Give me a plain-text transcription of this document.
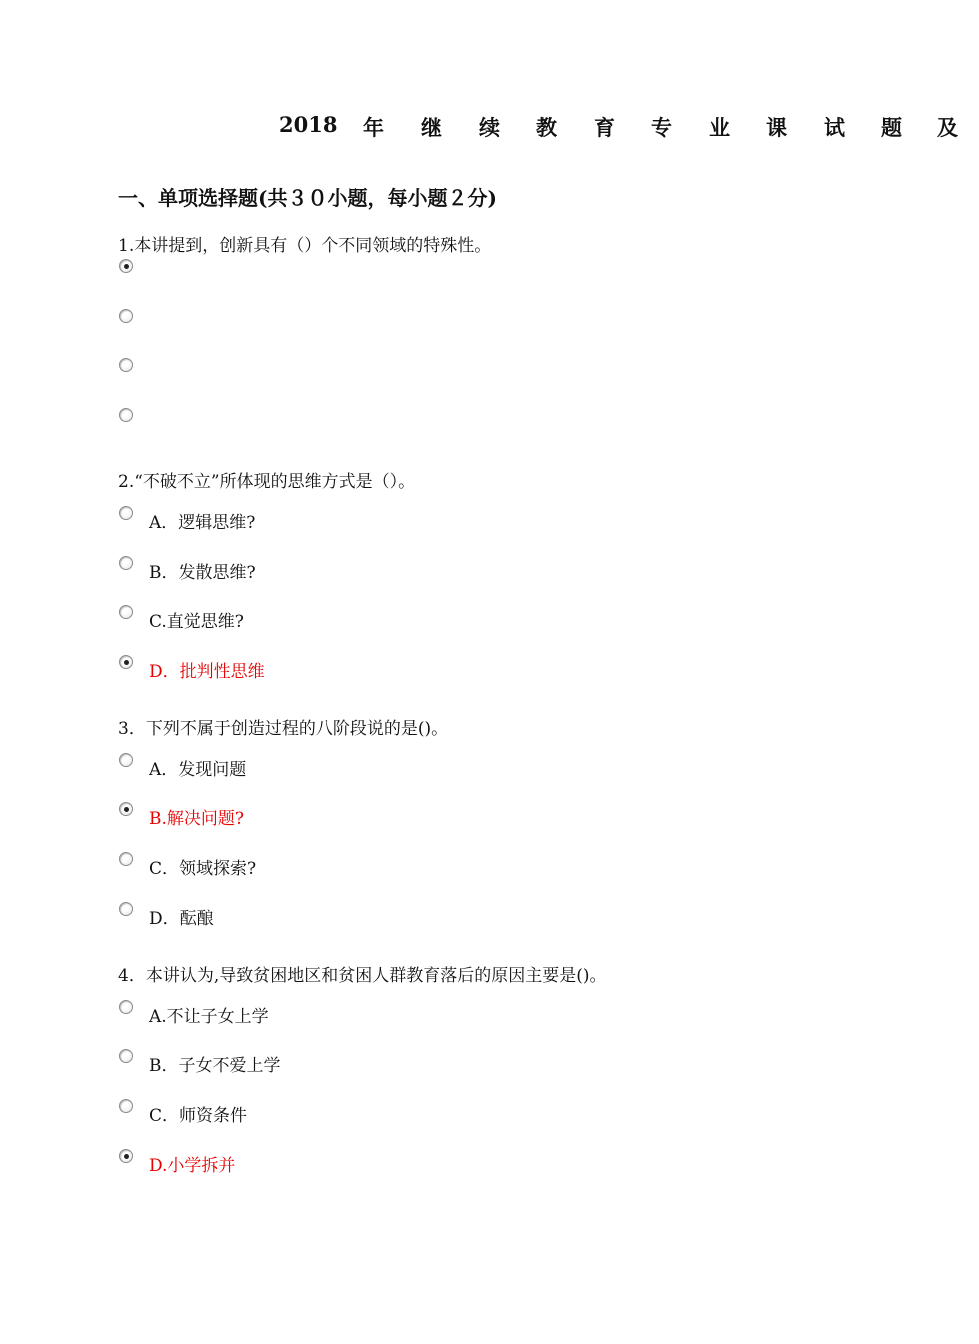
2018 年 继 续 教 育 专 业 课 试 题 及
一、单项选择题(共３０小题，每小题２分)
1.本讲提到，创新具有（）个不同领域的特殊性。
2.“不破不立”所体现的思维方式是（）。
A．逻辑思维?
B．发散思维?
C.直觉思维?
D．批判性思维
3．下列不属于创造过程的八阶段说的是()。
A．发现问题
B.解决问题?
C．领域探索?
D．酝酿
4．本讲认为,导致贫困地区和贫困人群教育落后的原因主要是()。
A.不让子女上学
B．子女不爱上学
C．师资条件
D.小学拆并
